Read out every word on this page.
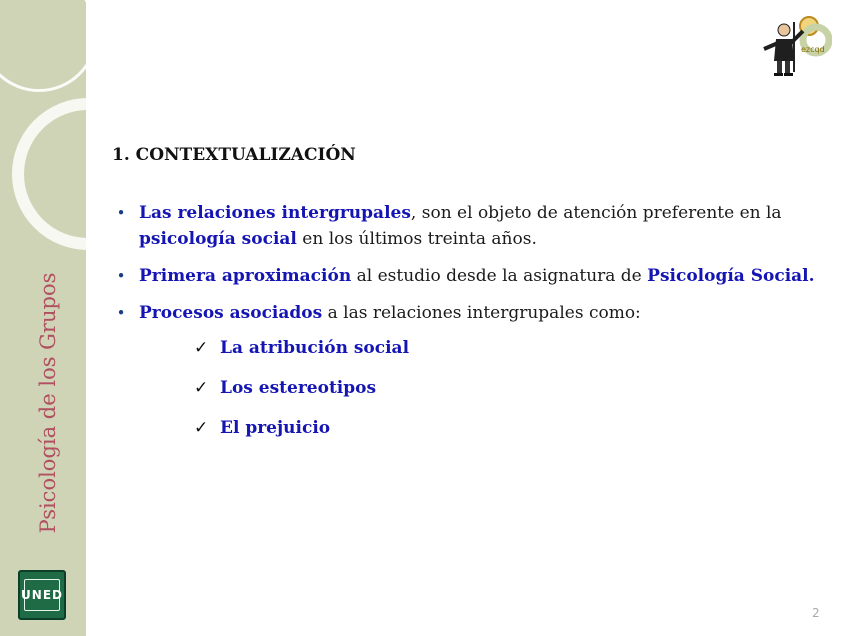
Psicología de los Grupos
UNED
ezcqd
1. CONTEXTUALIZACIÓN
• Las relaciones intergrupales, son el objeto de atención preferente en la psicología social en los últimos treinta años.
• Primera aproximación al estudio desde la asignatura de Psicología Social.
• Procesos asociados a las relaciones intergrupales como:
✓ La atribución social
✓ Los estereotipos
✓ El prejuicio
2
